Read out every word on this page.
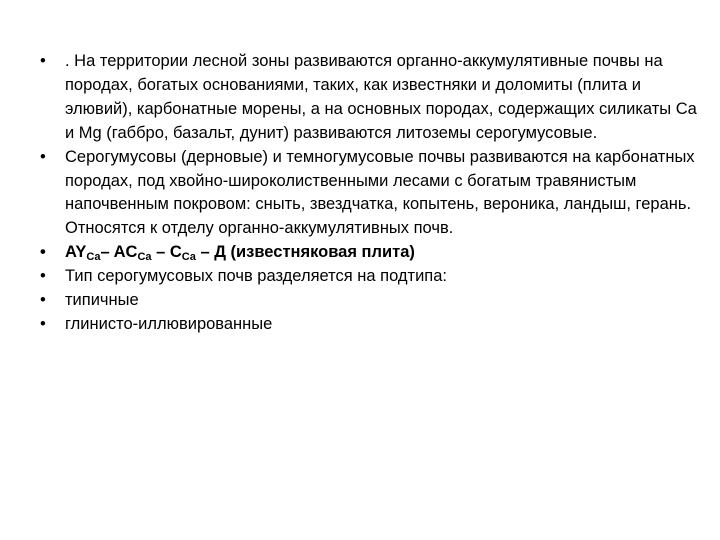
• . На территории лесной зоны развиваются органно-аккумулятивные почвы на породах, богатых основаниями, таких, как известняки и доломиты (плита и элювий), карбонатные морены, а на основных породах, содержащих силикаты Ca и Mg (габбро, базальт, дунит) развиваются литоземы серогумусовые.
• Серогумусовы (дерновые) и темногумусовые почвы развиваются на карбонатных породах, под хвойно-широколиственными лесами с богатым травянистым напочвенным покровом: сныть, звездчатка, копытень, вероника, ландыш, герань. Относятся к отделу органно-аккумулятивных почв.
• $AY_{Ca}-$ $AC_{Ca} - C_{Ca}$ – Д (известняковая плита)
• Тип серогумусовых почв разделяется на подтипа:
• типичные
• глинисто-иллювированные
